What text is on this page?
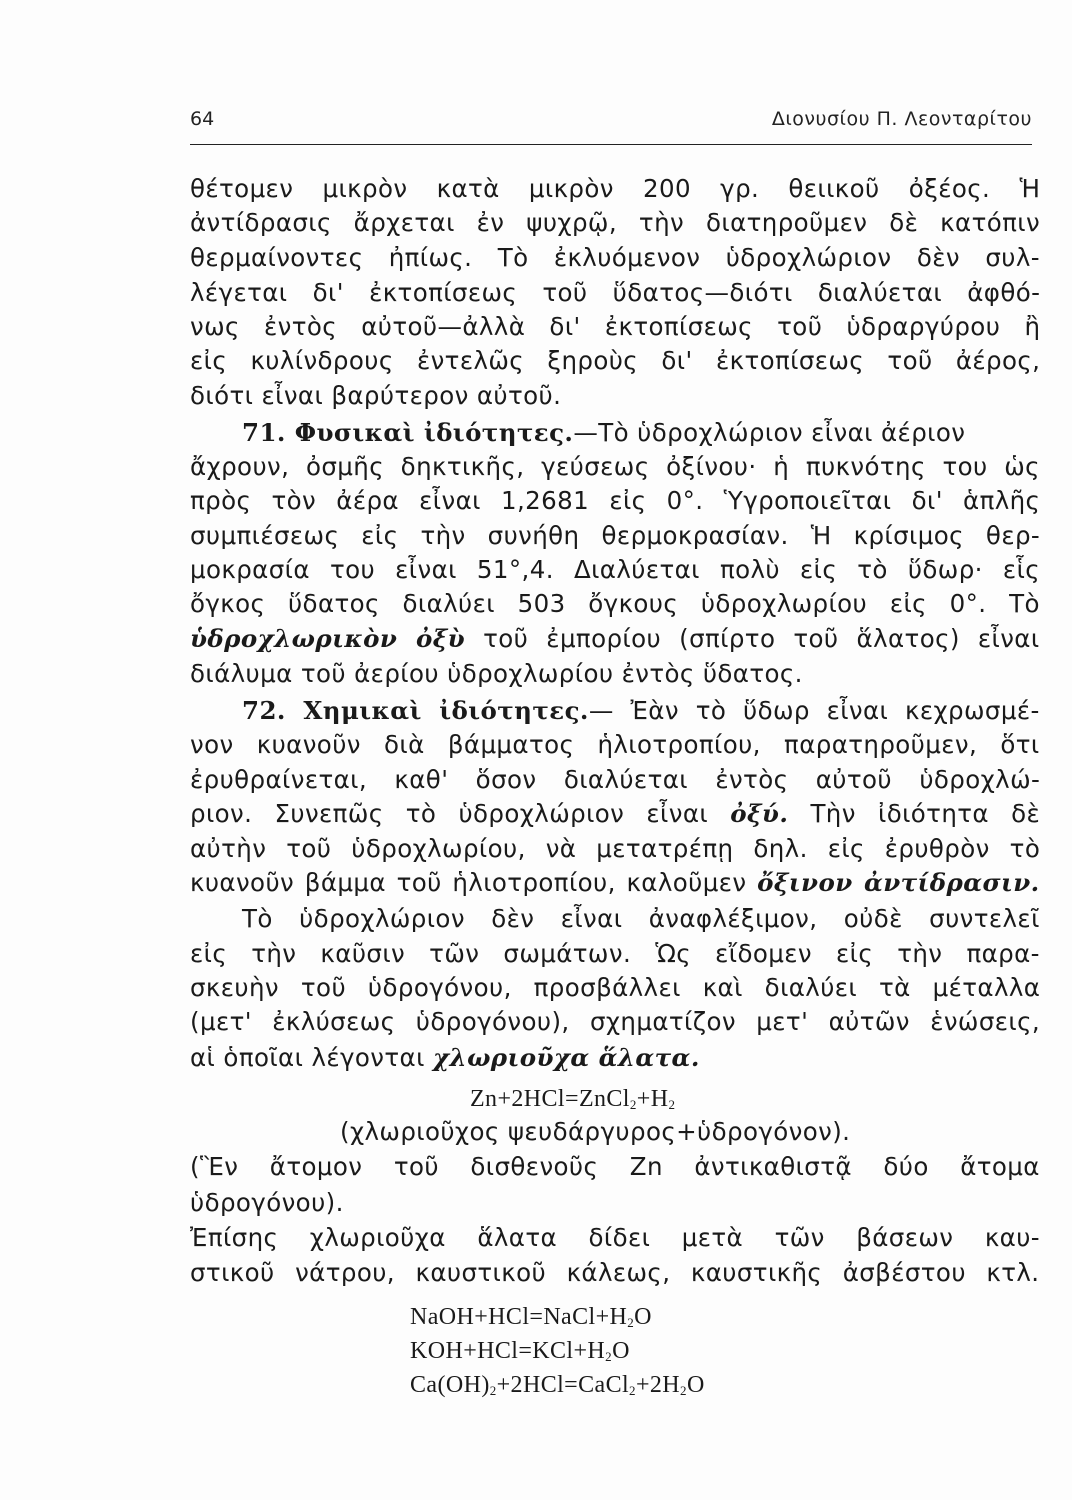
64	Διονυσίου Π. Λεονταρίτου
θέτομεν μικρὸν κατὰ μικρὸν 200 γρ. θειικοῦ ὀξέος. Ἡ
ἀντίδρασις ἄρχεται ἐν ψυχρῷ, τὴν διατηροῦμεν δὲ κατόπιν
θερμαίνοντες ἠπίως. Τὸ ἐκλυόμενον ὑδροχλώριον δὲν συλ-
λέγεται δι' ἐκτοπίσεως τοῦ ὕδατος—διότι διαλύεται ἀφθό-
νως ἐντὸς αὐτοῦ—ἀλλὰ δι' ἐκτοπίσεως τοῦ ὑδραργύρου ἢ
εἰς κυλίνδρους ἐντελῶς ξηροὺς δι' ἐκτοπίσεως τοῦ ἀέρος,
διότι εἶναι βαρύτερον αὐτοῦ.
71. Φυσικαὶ ἰδιότητες.—Τὸ ὑδροχλώριον εἶναι ἀέριον
ἄχρουν, ὀσμῆς δηκτικῆς, γεύσεως ὀξίνου· ἡ πυκνότης του ὡς
πρὸς τὸν ἀέρα εἶναι 1,2681 εἰς 0°. Ὑγροποιεῖται δι' ἁπλῆς
συμπιέσεως εἰς τὴν συνήθη θερμοκρασίαν. Ἡ κρίσιμος θερ-
μοκρασία του εἶναι 51°,4. Διαλύεται πολὺ εἰς τὸ ὕδωρ· εἷς
ὄγκος ὕδατος διαλύει 503 ὄγκους ὑδροχλωρίου εἰς 0°. Τὸ
ὑδροχλωρικὸν ὀξὺ τοῦ ἐμπορίου (σπίρτο τοῦ ἅλατος) εἶναι
διάλυμα τοῦ ἀερίου ὑδροχλωρίου ἐντὸς ὕδατος.
72. Χημικαὶ ἰδιότητες.— Ἐὰν τὸ ὕδωρ εἶναι κεχρωσμέ-
νον κυανοῦν διὰ βάμματος ἡλιοτροπίου, παρατηροῦμεν, ὅτι
ἐρυθραίνεται, καθ' ὅσον διαλύεται ἐντὸς αὐτοῦ ὑδροχλώ-
ριον. Συνεπῶς τὸ ὑδροχλώριον εἶναι ὀξύ. Τὴν ἰδιότητα δὲ
αὐτὴν τοῦ ὑδροχλωρίου, νὰ μετατρέπῃ δηλ. εἰς ἐρυθρὸν τὸ
κυανοῦν βάμμα τοῦ ἡλιοτροπίου, καλοῦμεν ὄξινον ἀντίδρασιν.
Τὸ ὑδροχλώριον δὲν εἶναι ἀναφλέξιμον, οὐδὲ συντελεῖ
εἰς τὴν καῦσιν τῶν σωμάτων. Ὡς εἴδομεν εἰς τὴν παρα-
σκευὴν τοῦ ὑδρογόνου, προσβάλλει καὶ διαλύει τὰ μέταλλα
(μετ' ἐκλύσεως ὑδρογόνου), σχηματίζον μετ' αὐτῶν ἑνώσεις,
αἱ ὁποῖαι λέγονται χλωριοῦχα ἅλατα.
$Zn+2HCl=ZnCl_2+H_2$
(χλωριοῦχος ψευδάργυρος+ὑδρογόνον).
(Ἓν ἄτομον τοῦ δισθενοῦς Zn ἀντικαθιστᾷ δύο ἄτομα
ὑδρογόνου).
Ἐπίσης χλωριοῦχα ἅλατα δίδει μετὰ τῶν βάσεων καυ-
στικοῦ νάτρου, καυστικοῦ κάλεως, καυστικῆς ἀσβέστου κτλ.
$NaOH+HCl=NaCl+H_2O$
$KOH+HCl=KCl+H_2O$
$Ca(OH)_2+2HCl=CaCl_2+2H_2O$
